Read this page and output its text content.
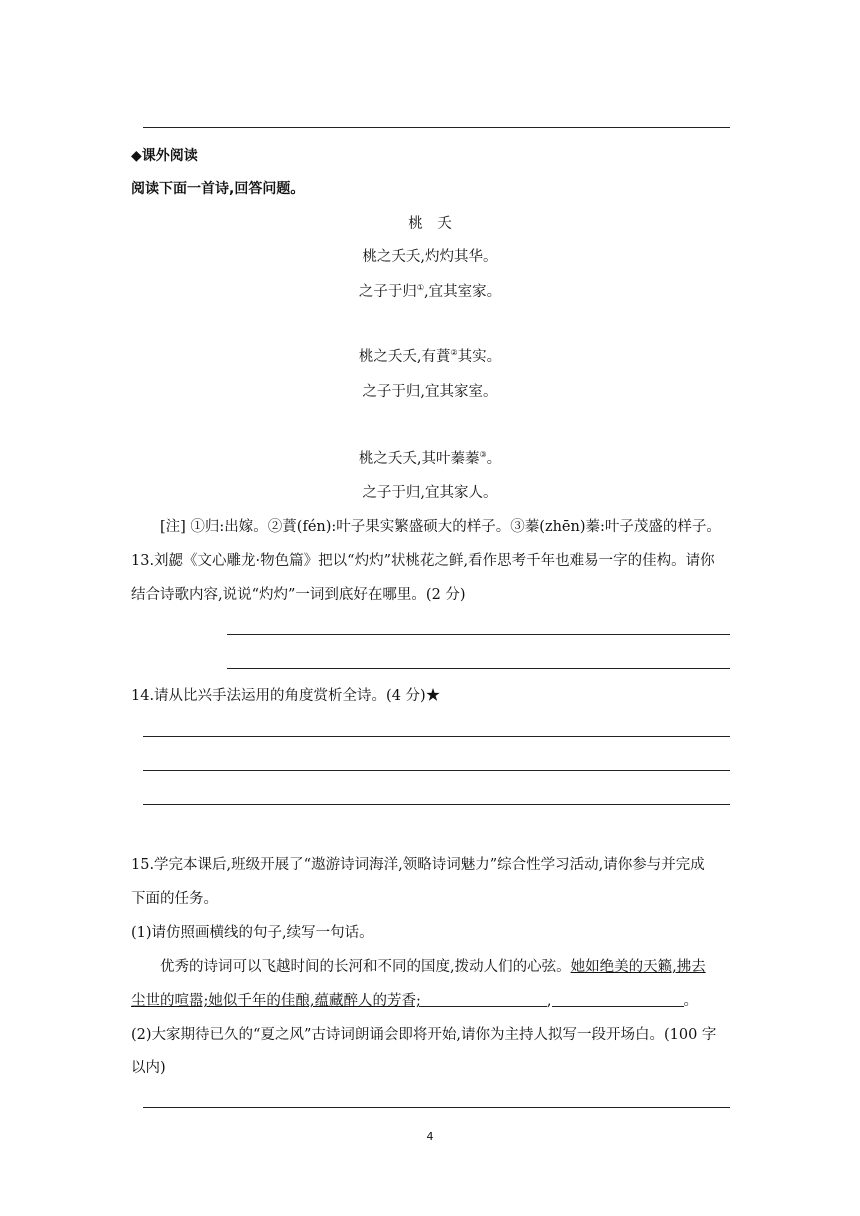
◆课外阅读
阅读下面一首诗,回答问题。
桃　夭
桃之夭夭,灼灼其华。
之子于归①,宜其室家。
桃之夭夭,有蕡②其实。
之子于归,宜其家室。
桃之夭夭,其叶蓁蓁③。
之子于归,宜其家人。
[注] ①归:出嫁。②蕡(fén):叶子果实繁盛硕大的样子。③蓁(zhēn)蓁:叶子茂盛的样子。
13.刘勰《文心雕龙·物色篇》把以“灼灼”状桃花之鲜,看作思考千年也难易一字的佳构。请你
结合诗歌内容,说说“灼灼”一词到底好在哪里。(2 分)
14.请从比兴手法运用的角度赏析全诗。(4 分)★
15.学完本课后,班级开展了“遨游诗词海洋,领略诗词魅力”综合性学习活动,请你参与并完成
下面的任务。
(1)请仿照画横线的句子,续写一句话。
优秀的诗词可以飞越时间的长河和不同的国度,拨动人们的心弦。她如绝美的天籁,拂去
尘世的喧嚣;她似千年的佳酿,蕴藏醉人的芳香;	,	。
(2)大家期待已久的“夏之风”古诗词朗诵会即将开始,请你为主持人拟写一段开场白。(100 字
以内)
4
